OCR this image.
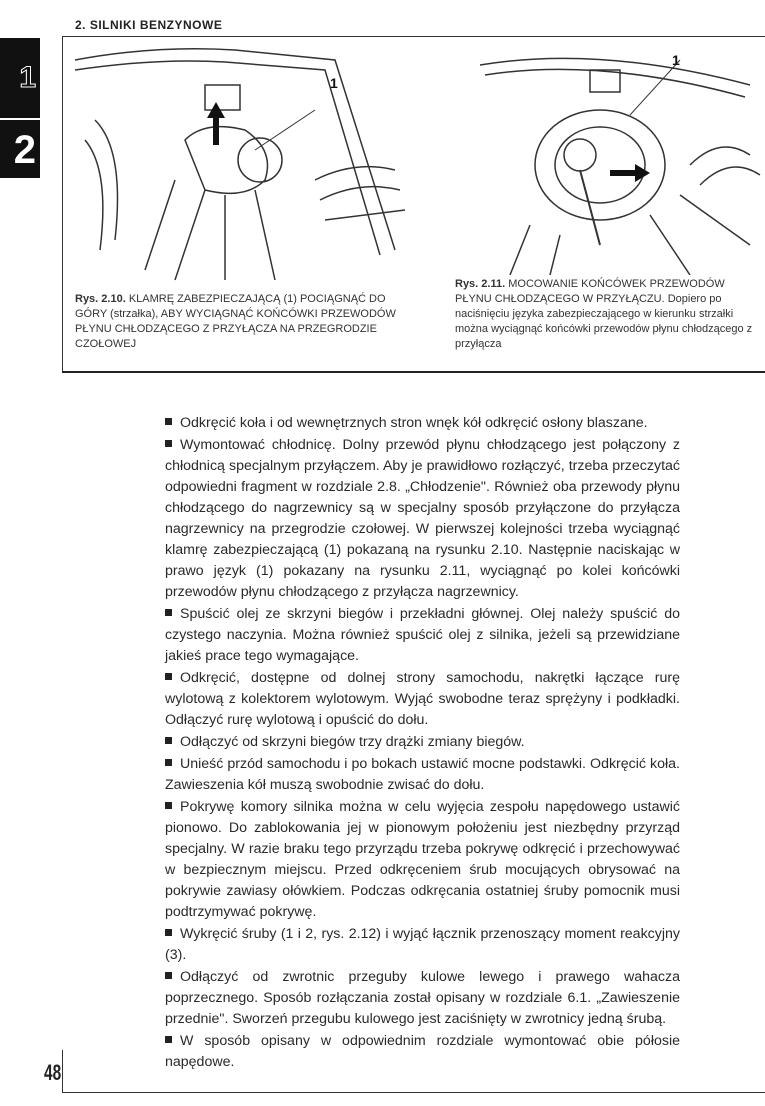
2. SILNIKI BENZYNOWE
1
2
1
Rys. 2.10. KLAMRĘ ZABEZPIECZAJĄCĄ (1) POCIĄGNĄĆ DO GÓRY (strzałka), ABY WYCIĄGNĄĆ KOŃCÓWKI PRZEWODÓW PŁYNU CHŁODZĄCEGO Z PRZYŁĄCZA NA PRZEGRODZIE CZOŁOWEJ
1
Rys. 2.11. MOCOWANIE KOŃCÓWEK PRZEWODÓW PŁYNU CHŁODZĄCEGO W PRZYŁĄCZU. Dopiero po naciśnięciu języka zabezpieczającego w kierunku strzałki można wyciągnąć końcówki przewodów płynu chłodzącego z przyłącza

Odkręcić koła i od wewnętrznych stron wnęk kół odkręcić osłony blaszane.

Wymontować chłodnicę. Dolny przewód płynu chłodzącego jest połączony z chłodnicą specjalnym przyłączem. Aby je prawidłowo rozłączyć, trzeba przeczytać odpowiedni fragment w rozdziale 2.8. „Chłodzenie". Również oba przewody płynu chłodzącego do nagrzewnicy są w specjalny sposób przyłączone do przyłącza nagrzewnicy na przegrodzie czołowej. W pierwszej kolejności trzeba wyciągnąć klamrę zabezpieczającą (1) pokazaną na rysunku 2.10. Następnie naciskając w prawo język (1) pokazany na rysunku 2.11, wyciągnąć po kolei końcówki przewodów płynu chłodzącego z przyłącza nagrzewnicy.

Spuścić olej ze skrzyni biegów i przekładni głównej. Olej należy spuścić do czystego naczynia. Można również spuścić olej z silnika, jeżeli są przewidziane jakieś prace tego wymagające.

Odkręcić, dostępne od dolnej strony samochodu, nakrętki łączące rurę wylotową z kolektorem wylotowym. Wyjąć swobodne teraz sprężyny i podkładki. Odłączyć rurę wylotową i opuścić do dołu.

Odłączyć od skrzyni biegów trzy drążki zmiany biegów.

Unieść przód samochodu i po bokach ustawić mocne podstawki. Odkręcić koła. Zawieszenia kół muszą swobodnie zwisać do dołu.

Pokrywę komory silnika można w celu wyjęcia zespołu napędowego ustawić pionowo. Do zablokowania jej w pionowym położeniu jest niezbędny przyrząd specjalny. W razie braku tego przyrządu trzeba pokrywę odkręcić i przechowywać w bezpiecznym miejscu. Przed odkręceniem śrub mocujących obrysować na pokrywie zawiasy ołówkiem. Podczas odkręcania ostatniej śruby pomocnik musi podtrzymywać pokrywę.

Wykręcić śruby (1 i 2, rys. 2.12) i wyjąć łącznik przenoszący moment reakcyjny (3).

Odłączyć od zwrotnic przeguby kulowe lewego i prawego wahacza poprzecznego. Sposób rozłączania został opisany w rozdziale 6.1. „Zawieszenie przednie". Sworzeń przegubu kulowego jest zaciśnięty w zwrotnicy jedną śrubą.

W sposób opisany w odpowiednim rozdziale wymontować obie półosie napędowe.

48
